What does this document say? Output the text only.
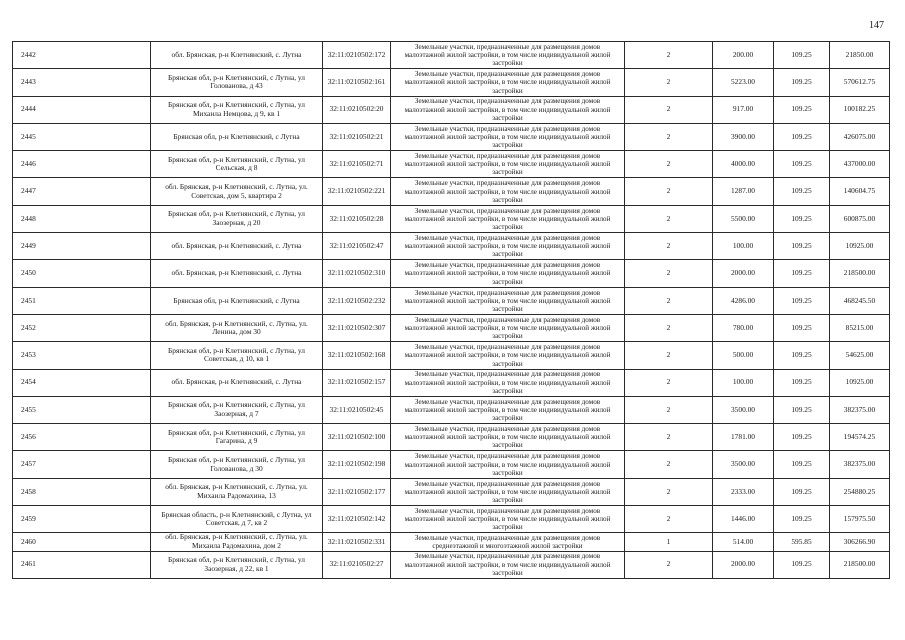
147
2442	обл. Брянская, р-н Клетнянский, с. Лутна	32:11:0210502:172	Земельные участки, предназначенные для размещения домов малоэтажной жилой застройки, в том числе индивидуальной жилой застройки	2	200.00	109.25	21850.00
2443	Брянская обл, р-н Клетнянский, с Лутна, ул Голованова, д 43	32:11:0210502:161	Земельные участки, предназначенные для размещения домов малоэтажной жилой застройки, в том числе индивидуальной жилой застройки	2	5223.00	109.25	570612.75
2444	Брянская обл, р-н Клетнянский, с Лутна, ул Михаила Немцова, д 9, кв 1	32:11:0210502:20	Земельные участки, предназначенные для размещения домов малоэтажной жилой застройки, в том числе индивидуальной жилой застройки	2	917.00	109.25	100182.25
2445	Брянская обл, р-н Клетнянский, с Лутна	32:11:0210502:21	Земельные участки, предназначенные для размещения домов малоэтажной жилой застройки, в том числе индивидуальной жилой застройки	2	3900.00	109.25	426075.00
2446	Брянская обл, р-н Клетнянский, с Лутна, ул Сельская, д 8	32:11:0210502:71	Земельные участки, предназначенные для размещения домов малоэтажной жилой застройки, в том числе индивидуальной жилой застройки	2	4000.00	109.25	437000.00
2447	обл. Брянская, р-н Клетнянский, с. Лутна, ул. Советская, дом 5, квартира 2	32:11:0210502:221	Земельные участки, предназначенные для размещения домов малоэтажной жилой застройки, в том числе индивидуальной жилой застройки	2	1287.00	109.25	140604.75
2448	Брянская обл, р-н Клетнянский, с Лутна, ул Заозерная, д 20	32:11:0210502:28	Земельные участки, предназначенные для размещения домов малоэтажной жилой застройки, в том числе индивидуальной жилой застройки	2	5500.00	109.25	600875.00
2449	обл. Брянская, р-н Клетнянский, с. Лутна	32:11:0210502:47	Земельные участки, предназначенные для размещения домов малоэтажной жилой застройки, в том числе индивидуальной жилой застройки	2	100.00	109.25	10925.00
2450	обл. Брянская, р-н Клетнянский, с. Лутна	32:11:0210502:310	Земельные участки, предназначенные для размещения домов малоэтажной жилой застройки, в том числе индивидуальной жилой застройки	2	2000.00	109.25	218500.00
2451	Брянская обл, р-н Клетнянский, с Лутна	32:11:0210502:232	Земельные участки, предназначенные для размещения домов малоэтажной жилой застройки, в том числе индивидуальной жилой застройки	2	4286.00	109.25	468245.50
2452	обл. Брянская, р-н Клетнянский, с. Лутна, ул. Ленина, дом 30	32:11:0210502:307	Земельные участки, предназначенные для размещения домов малоэтажной жилой застройки, в том числе индивидуальной жилой застройки	2	780.00	109.25	85215.00
2453	Брянская обл, р-н Клетнянский, с Лутна, ул Советская, д 10, кв 1	32:11:0210502:168	Земельные участки, предназначенные для размещения домов малоэтажной жилой застройки, в том числе индивидуальной жилой застройки	2	500.00	109.25	54625.00
2454	обл. Брянская, р-н Клетнянский, с. Лутна	32:11:0210502:157	Земельные участки, предназначенные для размещения домов малоэтажной жилой застройки, в том числе индивидуальной жилой застройки	2	100.00	109.25	10925.00
2455	Брянская обл, р-н Клетнянский, с Лутна, ул Заозерная, д 7	32:11:0210502:45	Земельные участки, предназначенные для размещения домов малоэтажной жилой застройки, в том числе индивидуальной жилой застройки	2	3500.00	109.25	382375.00
2456	Брянская обл, р-н Клетнянский, с Лутна, ул Гагарина, д 9	32:11:0210502:100	Земельные участки, предназначенные для размещения домов малоэтажной жилой застройки, в том числе индивидуальной жилой застройки	2	1781.00	109.25	194574.25
2457	Брянская обл, р-н Клетнянский, с Лутна, ул Голованова, д 30	32:11:0210502:198	Земельные участки, предназначенные для размещения домов малоэтажной жилой застройки, в том числе индивидуальной жилой застройки	2	3500.00	109.25	382375.00
2458	обл. Брянская, р-н Клетнянский, с. Лутна, ул. Михаила Радомахина, 13	32:11:0210502:177	Земельные участки, предназначенные для размещения домов малоэтажной жилой застройки, в том числе индивидуальной жилой застройки	2	2333.00	109.25	254880.25
2459	Брянская область, р-н Клетнянский, с Лутна, ул Советская, д 7, кв 2	32:11:0210502:142	Земельные участки, предназначенные для размещения домов малоэтажной жилой застройки, в том числе индивидуальной жилой застройки	2	1446.00	109.25	157975.50
2460	обл. Брянская, р-н Клетнянский, с. Лутна, ул. Михаила Радомахина, дом 2	32:11:0210502:331	Земельные участки, предназначенные для размещения домов среднеэтажной и многоэтажной жилой застройки	1	514.00	595.85	306266.90
2461	Брянская обл, р-н Клетнянский, с Лутна, ул Заозерная, д 22, кв 1	32:11:0210502:27	Земельные участки, предназначенные для размещения домов малоэтажной жилой застройки, в том числе индивидуальной жилой застройки	2	2000.00	109.25	218500.00
